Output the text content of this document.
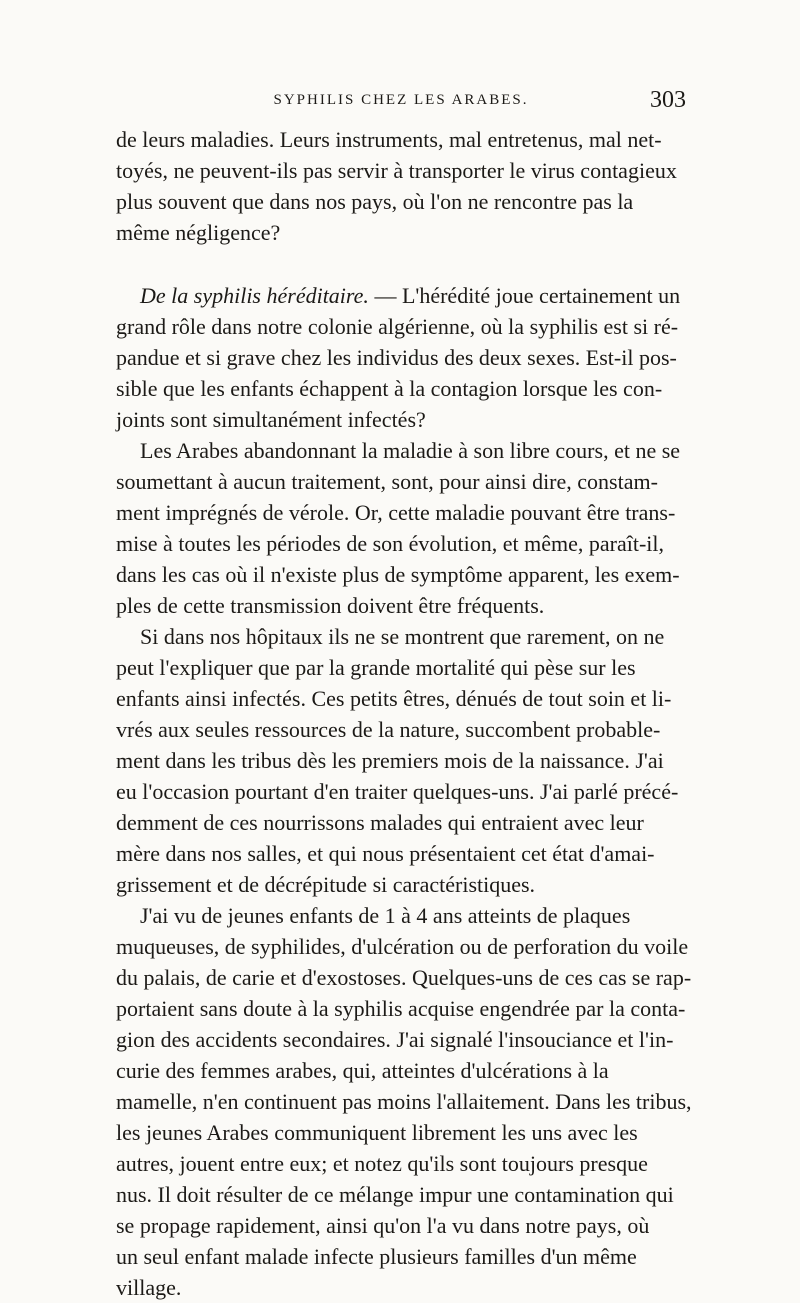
SYPHILIS CHEZ LES ARABES.	303
de leurs maladies. Leurs instruments, mal entretenus, mal net-
toyés, ne peuvent-ils pas servir à transporter le virus contagieux
plus souvent que dans nos pays, où l'on ne rencontre pas la
même négligence?
De la syphilis héréditaire. — L'hérédité joue certainement un
grand rôle dans notre colonie algérienne, où la syphilis est si ré-
pandue et si grave chez les individus des deux sexes. Est-il pos-
sible que les enfants échappent à la contagion lorsque les con-
joints sont simultanément infectés?
Les Arabes abandonnant la maladie à son libre cours, et ne se
soumettant à aucun traitement, sont, pour ainsi dire, constam-
ment imprégnés de vérole. Or, cette maladie pouvant être trans-
mise à toutes les périodes de son évolution, et même, paraît-il,
dans les cas où il n'existe plus de symptôme apparent, les exem-
ples de cette transmission doivent être fréquents.
Si dans nos hôpitaux ils ne se montrent que rarement, on ne
peut l'expliquer que par la grande mortalité qui pèse sur les
enfants ainsi infectés. Ces petits êtres, dénués de tout soin et li-
vrés aux seules ressources de la nature, succombent probable-
ment dans les tribus dès les premiers mois de la naissance. J'ai
eu l'occasion pourtant d'en traiter quelques-uns. J'ai parlé précé-
demment de ces nourrissons malades qui entraient avec leur
mère dans nos salles, et qui nous présentaient cet état d'amai-
grissement et de décrépitude si caractéristiques.
J'ai vu de jeunes enfants de 1 à 4 ans atteints de plaques
muqueuses, de syphilides, d'ulcération ou de perforation du voile
du palais, de carie et d'exostoses. Quelques-uns de ces cas se rap-
portaient sans doute à la syphilis acquise engendrée par la conta-
gion des accidents secondaires. J'ai signalé l'insouciance et l'in-
curie des femmes arabes, qui, atteintes d'ulcérations à la
mamelle, n'en continuent pas moins l'allaitement. Dans les tribus,
les jeunes Arabes communiquent librement les uns avec les
autres, jouent entre eux; et notez qu'ils sont toujours presque
nus. Il doit résulter de ce mélange impur une contamination qui
se propage rapidement, ainsi qu'on l'a vu dans notre pays, où
un seul enfant malade infecte plusieurs familles d'un même
village.
